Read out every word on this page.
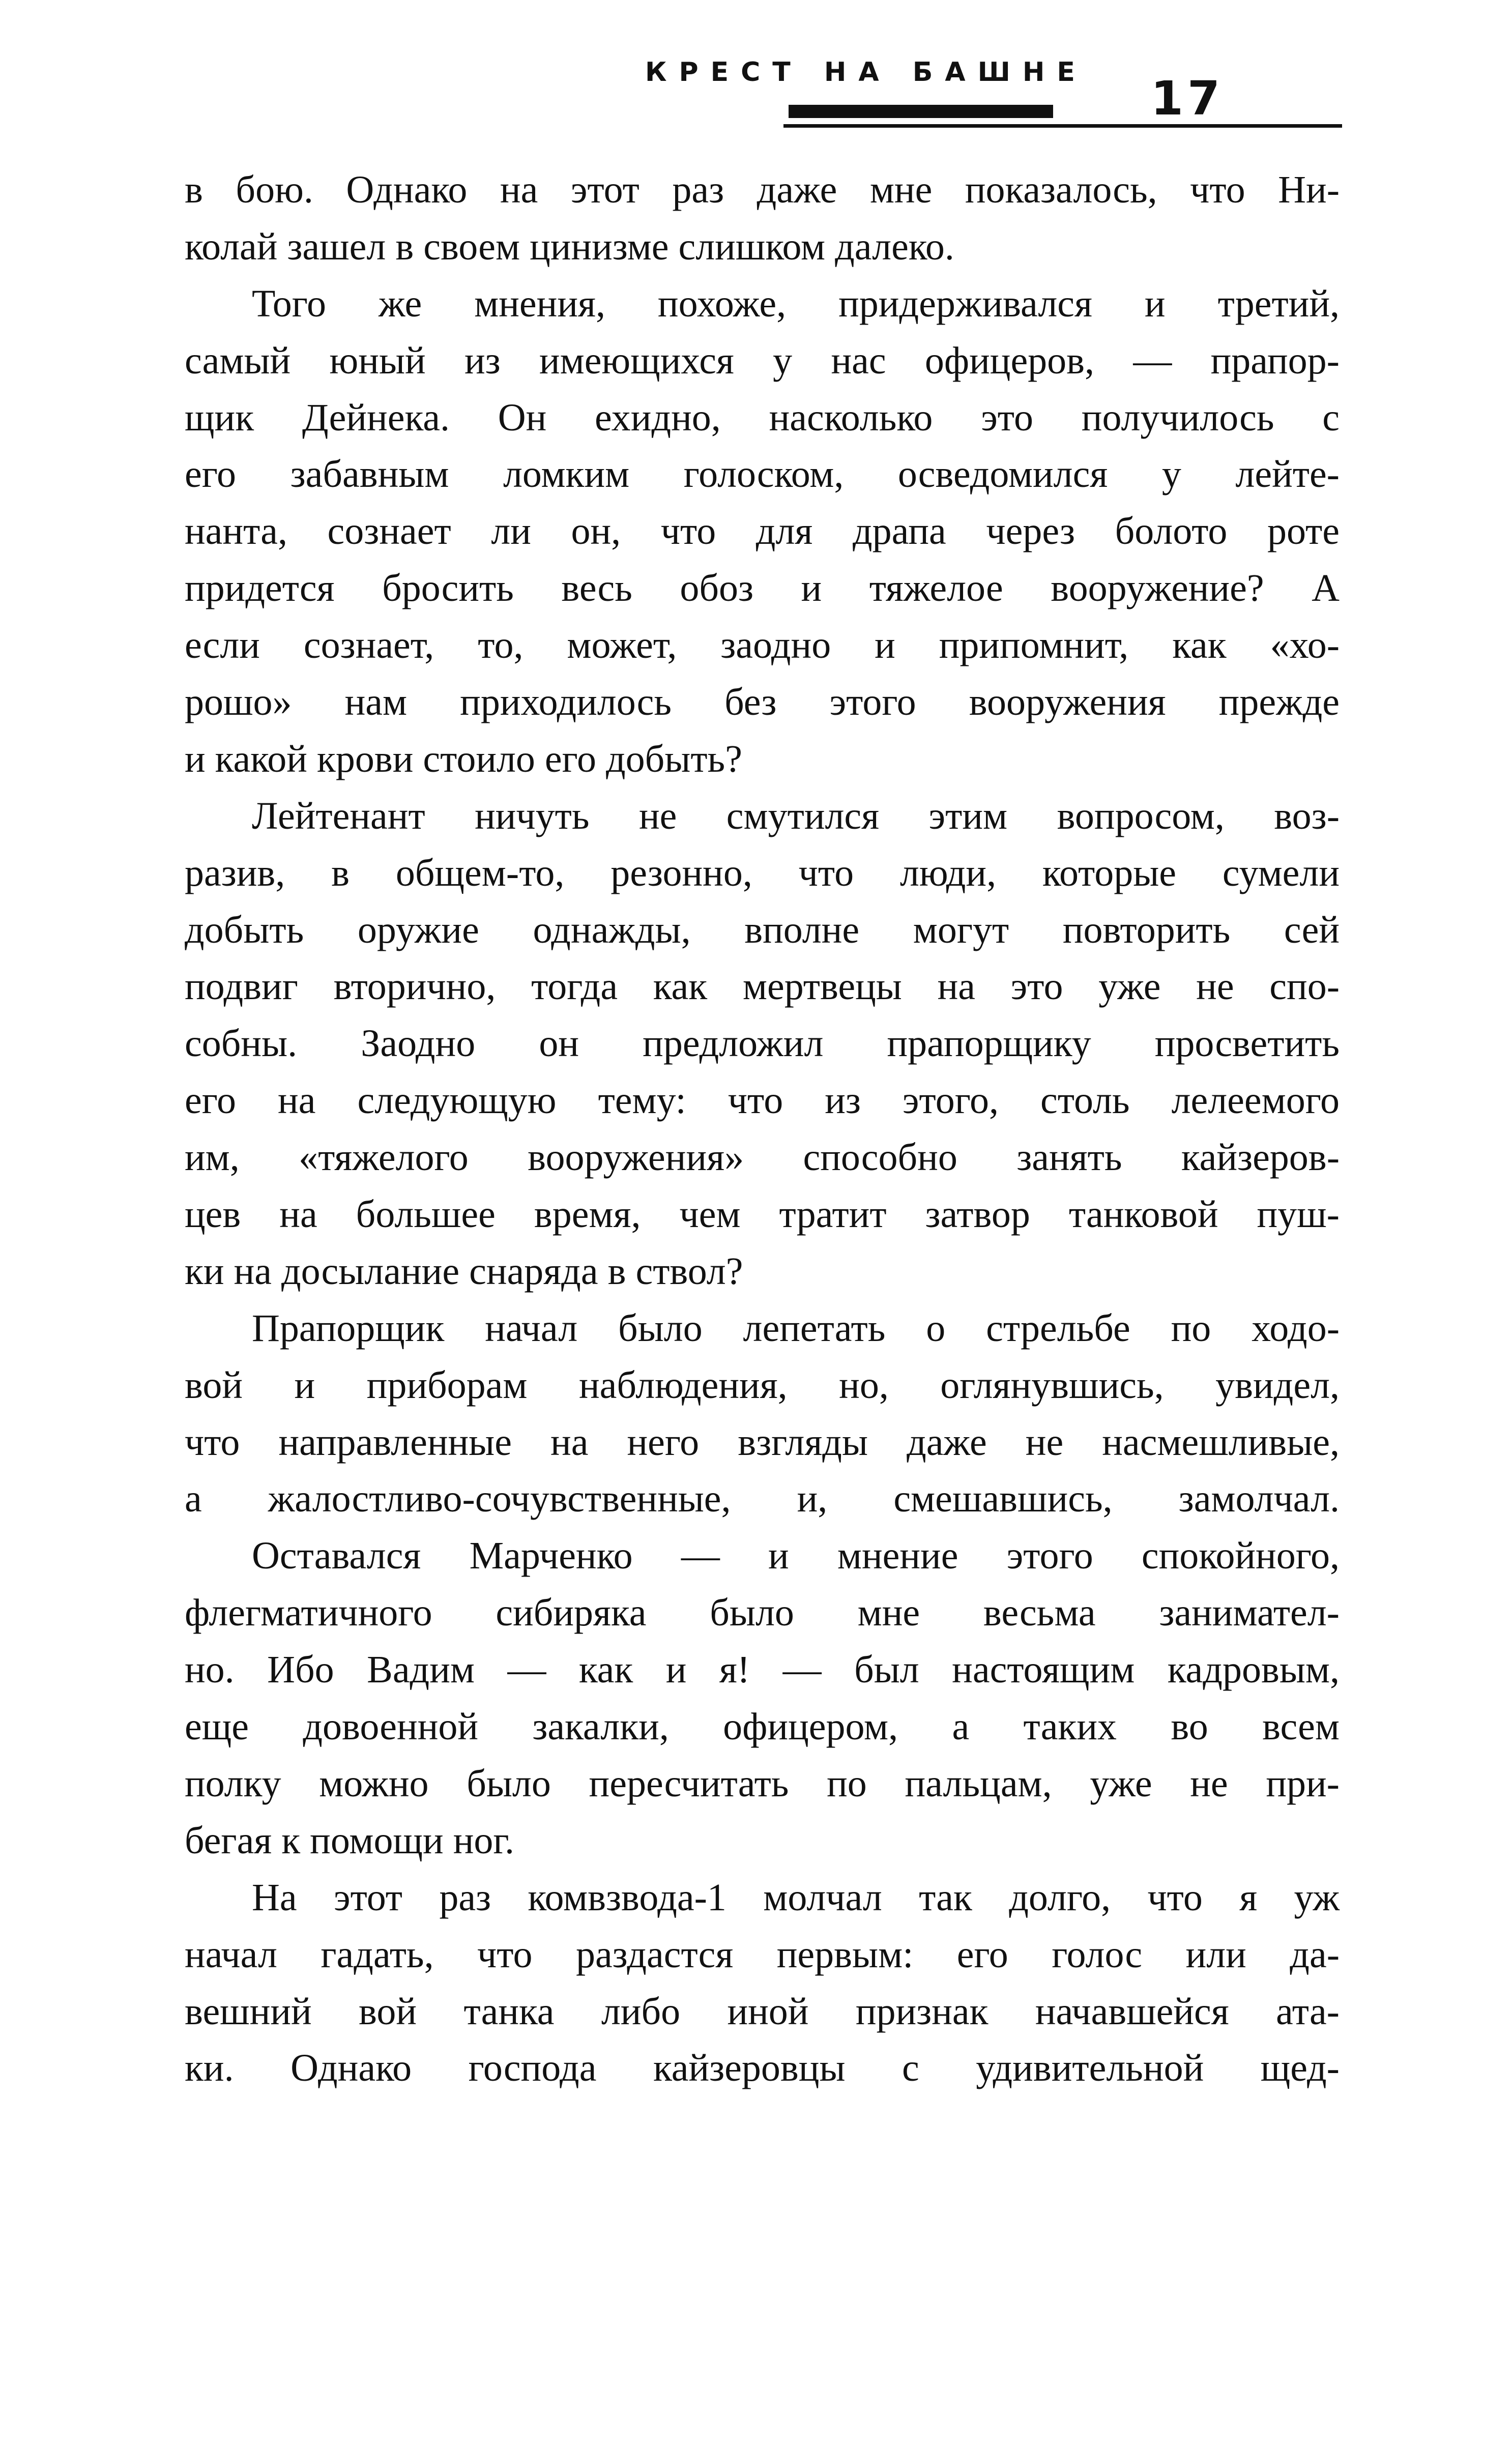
КРЕСТ НА БАШНЕ 17
в бою. Однако на этот раз даже мне показалось, что Ни-
колай зашел в своем цинизме слишком далеко.
Того же мнения, похоже, придерживался и третий,
самый юный из имеющихся у нас офицеров, — прапор-
щик Дейнека. Он ехидно, насколько это получилось с
его забавным ломким голоском, осведомился у лейте-
нанта, сознает ли он, что для драпа через болото роте
придется бросить весь обоз и тяжелое вооружение? А
если сознает, то, может, заодно и припомнит, как «хо-
рошо» нам приходилось без этого вооружения прежде
и какой крови стоило его добыть?
Лейтенант ничуть не смутился этим вопросом, воз-
разив, в общем-то, резонно, что люди, которые сумели
добыть оружие однажды, вполне могут повторить сей
подвиг вторично, тогда как мертвецы на это уже не спо-
собны. Заодно он предложил прапорщику просветить
его на следующую тему: что из этого, столь лелеемого
им, «тяжелого вооружения» способно занять кайзеров-
цев на большее время, чем тратит затвор танковой пуш-
ки на досылание снаряда в ствол?
Прапорщик начал было лепетать о стрельбе по ходо-
вой и приборам наблюдения, но, оглянувшись, увидел,
что направленные на него взгляды даже не насмешливые,
а жалостливо-сочувственные, и, смешавшись, замолчал.
Оставался Марченко — и мнение этого спокойного,
флегматичного сибиряка было мне весьма занимател-
но. Ибо Вадим — как и я! — был настоящим кадровым,
еще довоенной закалки, офицером, а таких во всем
полку можно было пересчитать по пальцам, уже не при-
бегая к помощи ног.
На этот раз комвзвода-1 молчал так долго, что я уж
начал гадать, что раздастся первым: его голос или да-
вешний вой танка либо иной признак начавшейся ата-
ки. Однако господа кайзеровцы с удивительной щед-
